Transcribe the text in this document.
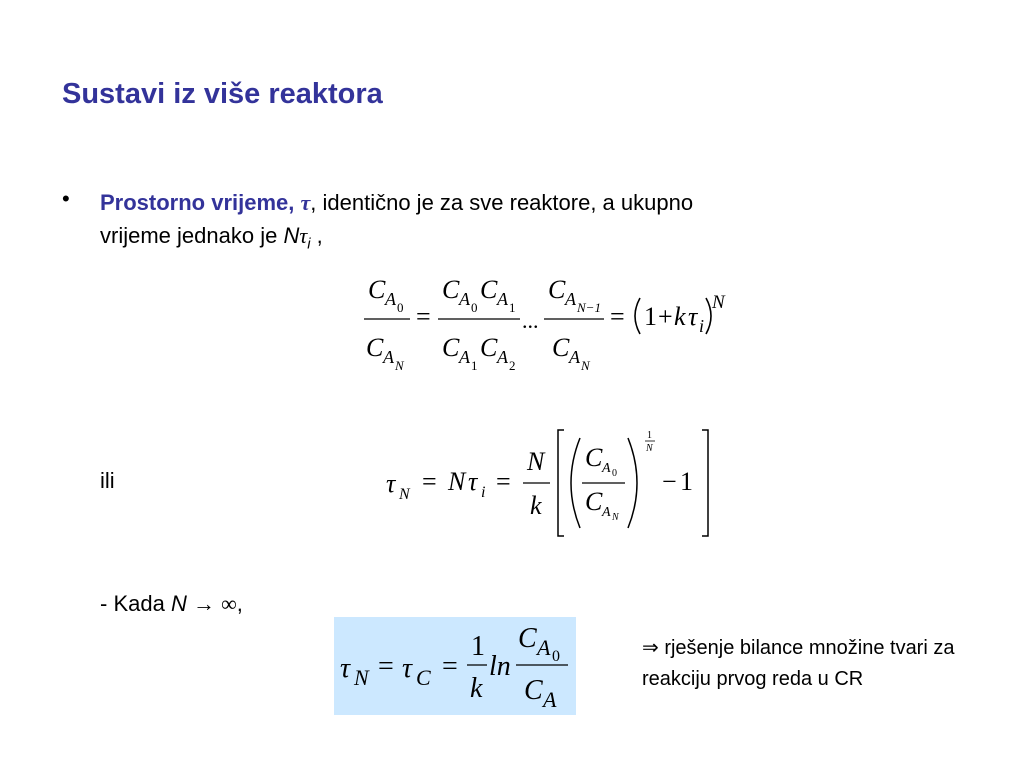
Sustavi iz više reaktora
• Prostorno vrijeme, τ, identično je za sve reaktore, a ukupno
vrijeme jednako je $N\tau_i$ ,
C A 0
C A N
=
C A 0
C A 1
C A 1
C A 2
...
C A N−1
C A N
= 1 + k τ i
N
ili	τ N = N τ i =
N
k
C A 0
C A N
1
N
− 1
- Kada N → ∞,
τ N = τ C =
1
k
ln
C A 0
C A
⇒ rješenje bilance množine tvari za reakciju prvog reda u CR
